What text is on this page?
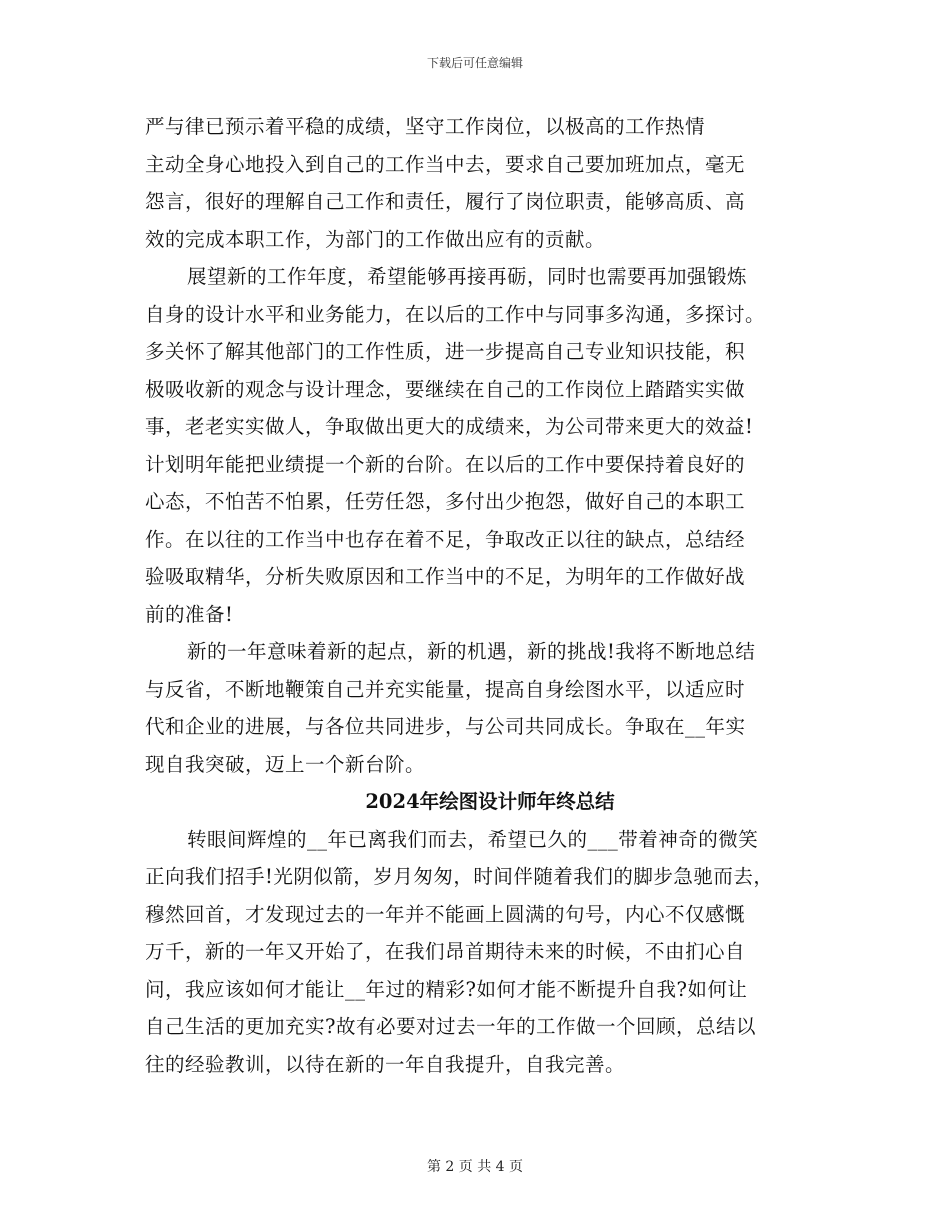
下载后可任意编辑
严与律已预示着平稳的成绩，坚守工作岗位，以极高的工作热情
主动全身心地投入到自己的工作当中去，要求自己要加班加点，毫无
怨言，很好的理解自己工作和责任，履行了岗位职责，能够高质、高
效的完成本职工作，为部门的工作做出应有的贡献。
展望新的工作年度，希望能够再接再砺，同时也需要再加强锻炼
自身的设计水平和业务能力，在以后的工作中与同事多沟通，多探讨。
多关怀了解其他部门的工作性质，进一步提高自己专业知识技能，积
极吸收新的观念与设计理念，要继续在自己的工作岗位上踏踏实实做
事，老老实实做人，争取做出更大的成绩来，为公司带来更大的效益!
计划明年能把业绩提一个新的台阶。在以后的工作中要保持着良好的
心态，不怕苦不怕累，任劳任怨，多付出少抱怨，做好自己的本职工
作。在以往的工作当中也存在着不足，争取改正以往的缺点，总结经
验吸取精华，分析失败原因和工作当中的不足，为明年的工作做好战
前的准备!
新的一年意味着新的起点，新的机遇，新的挑战!我将不断地总结
与反省，不断地鞭策自己并充实能量，提高自身绘图水平，以适应时
代和企业的进展，与各位共同进步，与公司共同成长。争取在__年实
现自我突破，迈上一个新台阶。
2024年绘图设计师年终总结
转眼间辉煌的__年已离我们而去，希望已久的___带着神奇的微笑
正向我们招手!光阴似箭，岁月匆匆，时间伴随着我们的脚步急驰而去，
穆然回首，才发现过去的一年并不能画上圆满的句号，内心不仅感慨
万千，新的一年又开始了，在我们昂首期待未来的时候，不由扪心自
问，我应该如何才能让__年过的精彩?如何才能不断提升自我?如何让
自己生活的更加充实?故有必要对过去一年的工作做一个回顾，总结以
往的经验教训，以待在新的一年自我提升，自我完善。
第 2 页 共 4 页
